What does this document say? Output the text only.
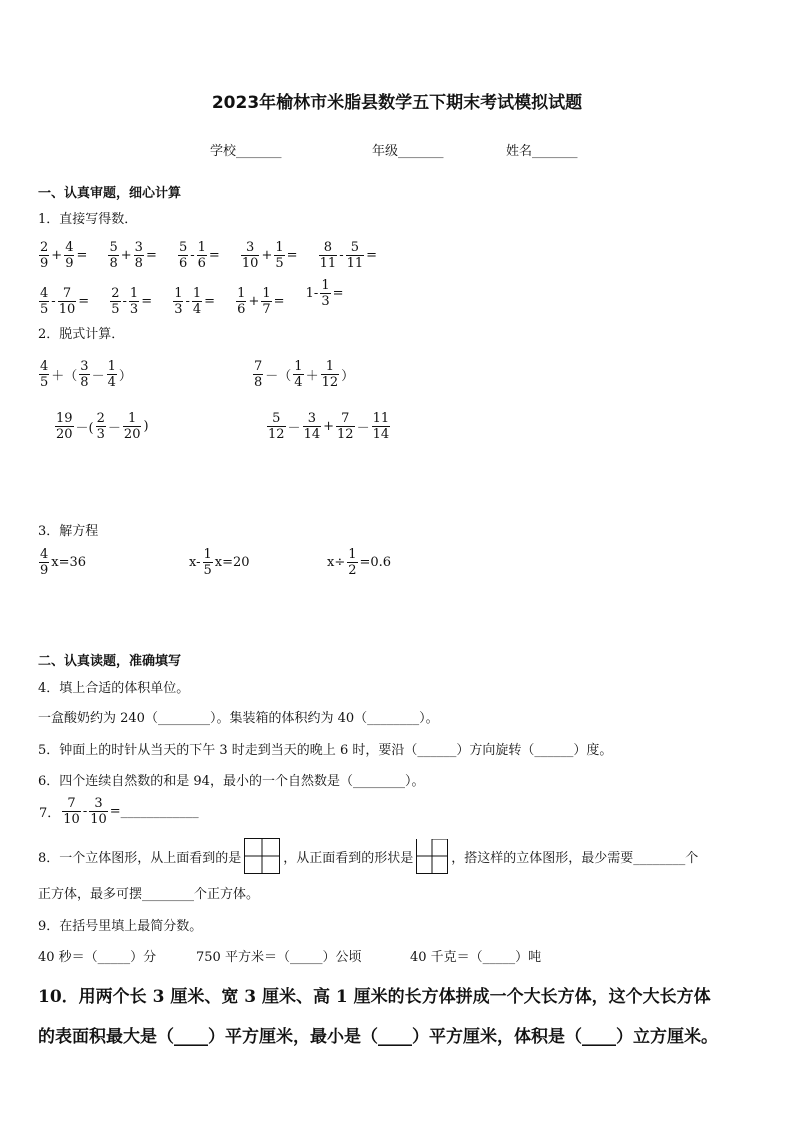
2023年榆林市米脂县数学五下期末考试模拟试题
学校_______	年级_______	姓名_______
一、认真审题，细心计算
1．直接写得数．
$\frac{2}{9} + \frac{4}{9}$ =
$\frac{5}{8} + \frac{3}{8}$ =
$\frac{5}{6} - \frac{1}{6}$ =
$\frac{3}{10} + \frac{1}{5}$ =
$\frac{8}{11} - \frac{5}{11}$ =
$\frac{4}{5} - \frac{7}{10}$ =
$\frac{2}{5} - \frac{1}{3}$ =
$\frac{1}{3} - \frac{1}{4}$ =
$\frac{1}{6} + \frac{1}{7}$ =

$1- \frac{1}{3}$ =
2．脱式计算．
$\frac{4}{5}$ ＋（ $\frac{3}{8} - \frac{1}{4}$ ）	$\frac{7}{8}$ －（ $\frac{1}{4} + \frac{1}{12}$ ）
$\frac{19}{20}$ －( $\frac{2}{3} - \frac{1}{20}$ )	$\frac{5}{12} - \frac{3}{14} + \frac{7}{12} - \frac{11}{14}$
3．解方程
$\frac{4}{9} x=36$	$x- \frac{1}{5} x=20$	$x\div \frac{1}{2} =0.6$
二、认真读题，准确填写
4．填上合适的体积单位。
一盒酸奶约为 240（________）。集装箱的体积约为 40（________）。
5．钟面上的时针从当天的下午 3 时走到当天的晚上 6 时，要沿（______）方向旋转（______）度。
6．四个连续自然数的和是 94，最小的一个自然数是（________）。
7． $\frac{7}{10} - \frac{3}{10}$ =____________
8．一个立体图形，从上面看到的是	，从正面看到的形状是	，搭这样的立体图形，最少需要________个
正方体，最多可摆________个正方体。
9．在括号里填上最简分数。
40 秒＝（_____）分	750 平方米＝（_____）公顷	40 千克＝（_____）吨
10．用两个长 3 厘米、宽 3 厘米、高 1 厘米的长方体拼成一个大长方体，这个大长方体
的表面积最大是（____）平方厘米，最小是（____）平方厘米，体积是（____）立方厘米。
